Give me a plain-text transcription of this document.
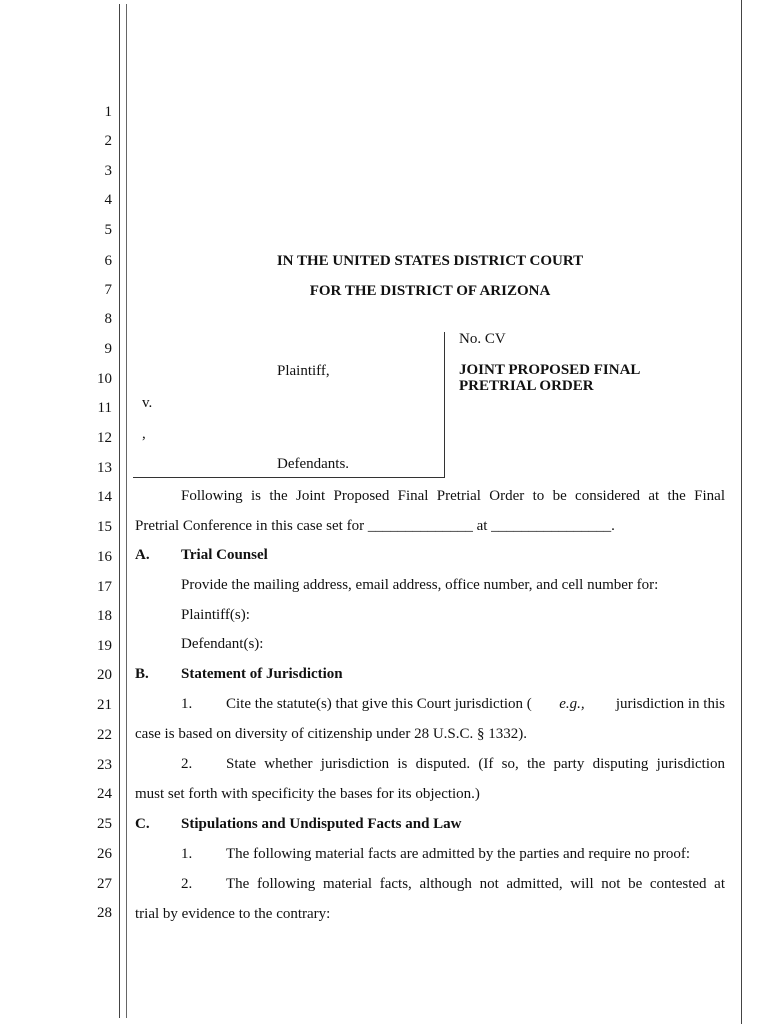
1
2
3
4
5
6
7
8
9
10
11
12
13
14
15
16
17
18
19
20
21
22
23
24
25
26
27
28
IN THE UNITED STATES DISTRICT COURT
FOR THE DISTRICT OF ARIZONA
No. CV
Plaintiff,	JOINT PROPOSED FINAL
PRETRIAL ORDER
v.
,
Defendants.
Following is the Joint Proposed Final Pretrial Order to be considered at the Final
Pretrial Conference in this case set for ______________ at ________________.
A. Trial Counsel
Provide the mailing address, email address, office number, and cell number for:
Plaintiff(s):
Defendant(s):
B. Statement of Jurisdiction
1. Cite the statute(s) that give this Court jurisdiction ( e.g., jurisdiction in this
case is based on diversity of citizenship under 28 U.S.C. § 1332).
2. State whether jurisdiction is disputed. (If so, the party disputing jurisdiction
must set forth with specificity the bases for its objection.)
C. Stipulations and Undisputed Facts and Law
1. The following material facts are admitted by the parties and require no proof:
2. The following material facts, although not admitted, will not be contested at
trial by evidence to the contrary:
